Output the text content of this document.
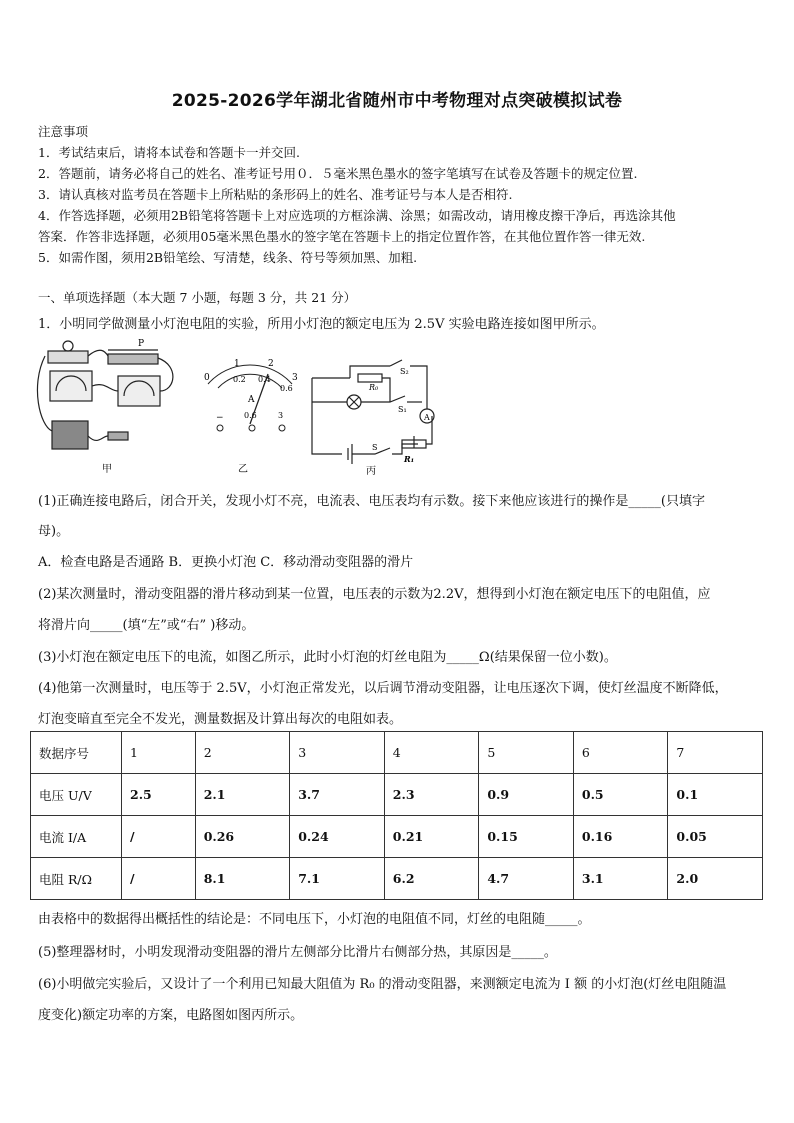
2025-2026学年湖北省随州市中考物理对点突破模拟试卷
注意事项
1．考试结束后，请将本试卷和答题卡一并交回.
2．答题前，请务必将自己的姓名、准考证号用０．５毫米黑色墨水的签字笔填写在试卷及答题卡的规定位置.
3．请认真核对监考员在答题卡上所粘贴的条形码上的姓名、准考证号与本人是否相符.
4．作答选择题，必须用2B铅笔将答题卡上对应选项的方框涂满、涂黑；如需改动，请用橡皮擦干净后，再选涂其他
答案．作答非选择题，必须用05毫米黑色墨水的签字笔在答题卡上的指定位置作答，在其他位置作答一律无效.
5．如需作图，须用2B铅笔绘、写清楚，线条、符号等须加黑、加粗.
一、单项选择题（本大题 7 小题，每题 3 分，共 21 分）
1．小明同学做测量小灯泡电阻的实验，所用小灯泡的额定电压为 2.5V 实验电路连接如图甲所示。
甲
P
0
1	2
3
0.2 0.4
0.6
A
−	0.6	3
乙
R₀
S₂
S₁
A
S
R₁
丙
(1)正确连接电路后，闭合开关，发现小灯不亮，电流表、电压表均有示数。接下来他应该进行的操作是_____(只填字
母)。
A．检查电路是否通路 B．更换小灯泡 C．移动滑动变阻器的滑片
(2)某次测量时，滑动变阻器的滑片移动到某一位置，电压表的示数为2.2V，想得到小灯泡在额定电压下的电阻值，应
将滑片向_____(填“左”或“右” )移动。
(3)小灯泡在额定电压下的电流，如图乙所示，此时小灯泡的灯丝电阻为_____Ω(结果保留一位小数)。
(4)他第一次测量时，电压等于 2.5V，小灯泡正常发光，以后调节滑动变阻器，让电压逐次下调，使灯丝温度不断降低，
灯泡变暗直至完全不发光，测量数据及计算出每次的电阻如表。
数据序号	1	2	3	4	5	6	7
电压 U/V	2.5	2.1	3.7	2.3	0.9	0.5	0.1
电流 I/A	/	0.26	0.24	0.21	0.15	0.16	0.05
电阻 R/Ω	/	8.1	7.1	6.2	4.7	3.1	2.0
由表格中的数据得出概括性的结论是：不同电压下，小灯泡的电阻值不同，灯丝的电阻随_____。
(5)整理器材时，小明发现滑动变阻器的滑片左侧部分比滑片右侧部分热，其原因是_____。
(6)小明做完实验后，又设计了一个利用已知最大阻值为 R₀ 的滑动变阻器，来测额定电流为 I 额 的小灯泡(灯丝电阻随温
度变化)额定功率的方案，电路图如图丙所示。
